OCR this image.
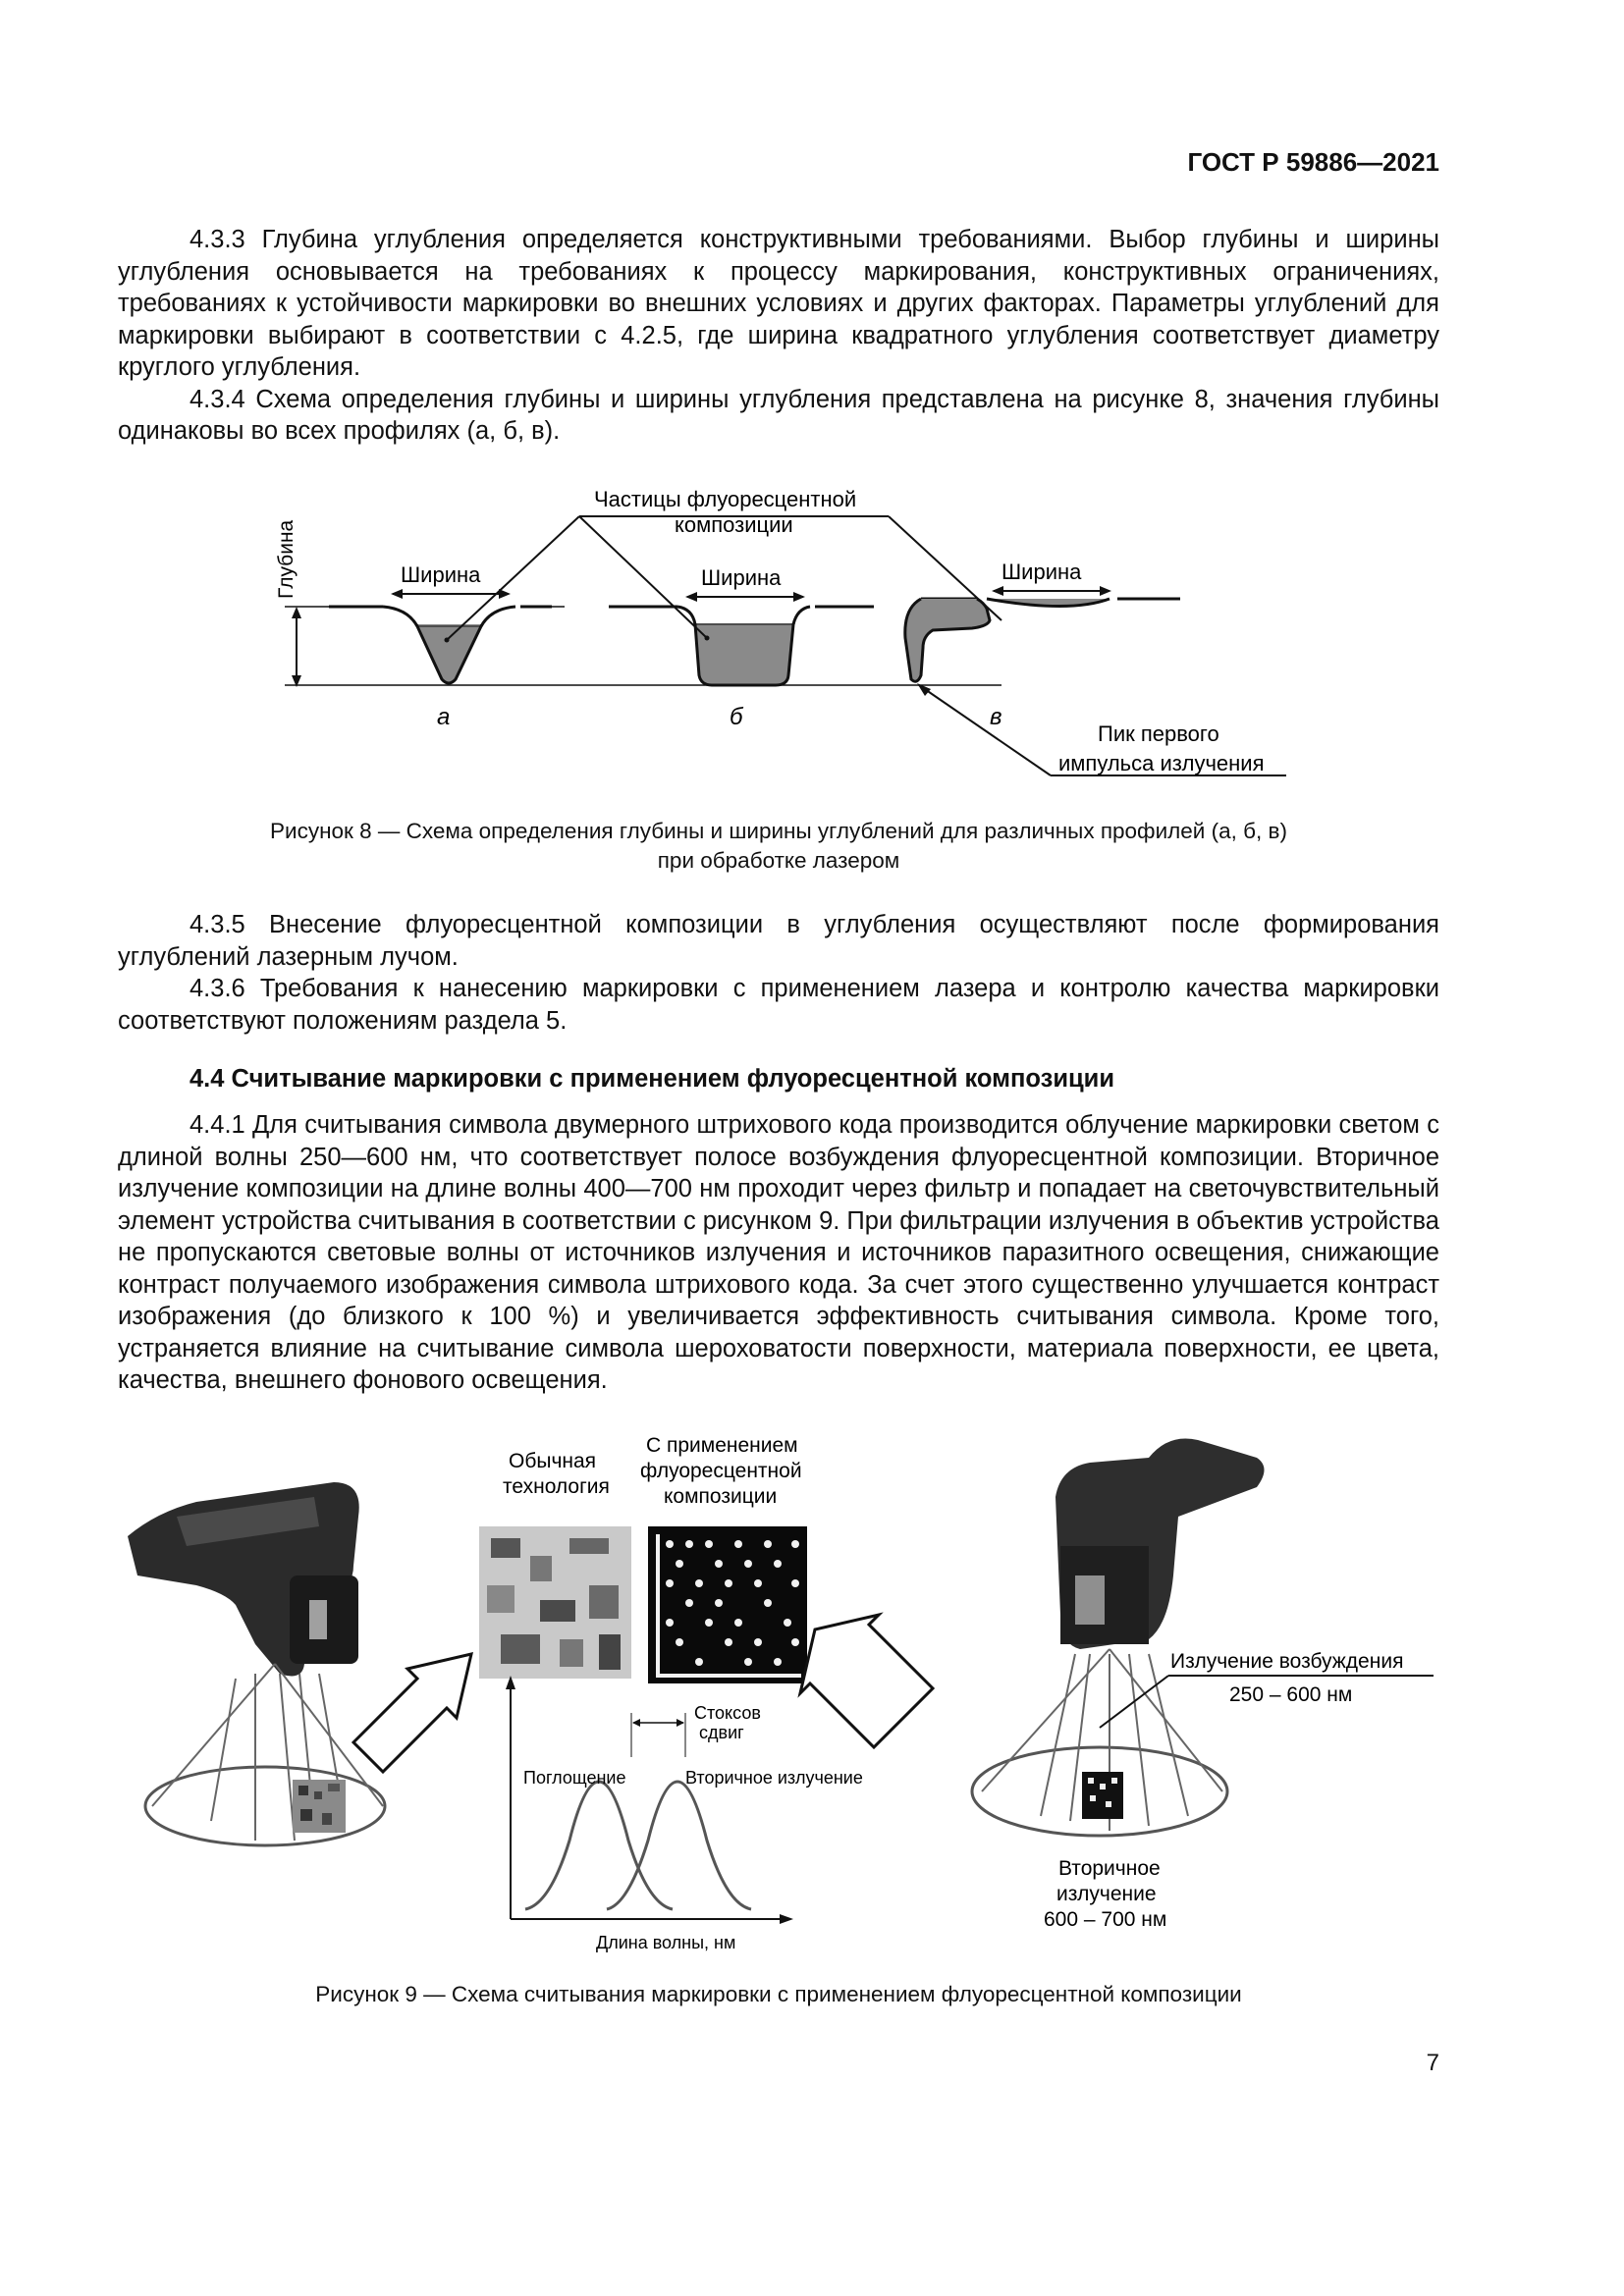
ГОСТ Р 59886—2021

4.3.3 Глубина углубления определяется конструктивными требованиями. Выбор глубины и ширины углубления основывается на требованиях к процессу маркирования, конструктивных ограничениях, требованиях к устойчивости маркировки во внешних условиях и других факторах. Параметры углублений для маркировки выбирают в соответствии с 4.2.5, где ширина квадратного углубления соответствует диаметру круглого углубления.

4.3.4 Схема определения глубины и ширины углубления представлена на рисунке 8, значения глубины одинаковы во всех профилях (а, б, в).

Глубина	Ширина	Ширина	Ширина
Частицы флуоресцентной
композиции
а	б	в
Пик первого
импульса излучения
Рисунок 8 — Схема определения глубины и ширины углублений для различных профилей (а, б, в)
при обработке лазером

4.3.5 Внесение флуоресцентной композиции в углубления осуществляют после формирования углублений лазерным лучом.

4.3.6 Требования к нанесению маркировки с применением лазера и контролю качества маркировки соответствуют положениям раздела 5.

4.4 Считывание маркировки с применением флуоресцентной композиции

4.4.1 Для считывания символа двумерного штрихового кода производится облучение маркировки светом с длиной волны 250—600 нм, что соответствует полосе возбуждения флуоресцентной композиции. Вторичное излучение композиции на длине волны 400—700 нм проходит через фильтр и попадает на светочувствительный элемент устройства считывания в соответствии с рисунком 9. При фильтрации излучения в объектив устройства не пропускаются световые волны от источников излучения и источников паразитного освещения, снижающие контраст получаемого изображения символа штрихового кода. За счет этого существенно улучшается контраст изображения (до близкого к 100 %) и увеличивается эффективность считывания символа. Кроме того, устраняется влияние на считывание символа шероховатости поверхности, материала поверхности, ее цвета, качества, внешнего фонового освещения.

Обычная
технология
С применением
флуоресцентной
композиции
Излучение возбуждения
250 – 600 нм
Стоксов
сдвиг
Поглощение	Вторичное излучение
Длина волны, нм
Вторичное
излучение
600 – 700 нм
Рисунок 9 — Схема считывания маркировки с применением флуоресцентной композиции
7
